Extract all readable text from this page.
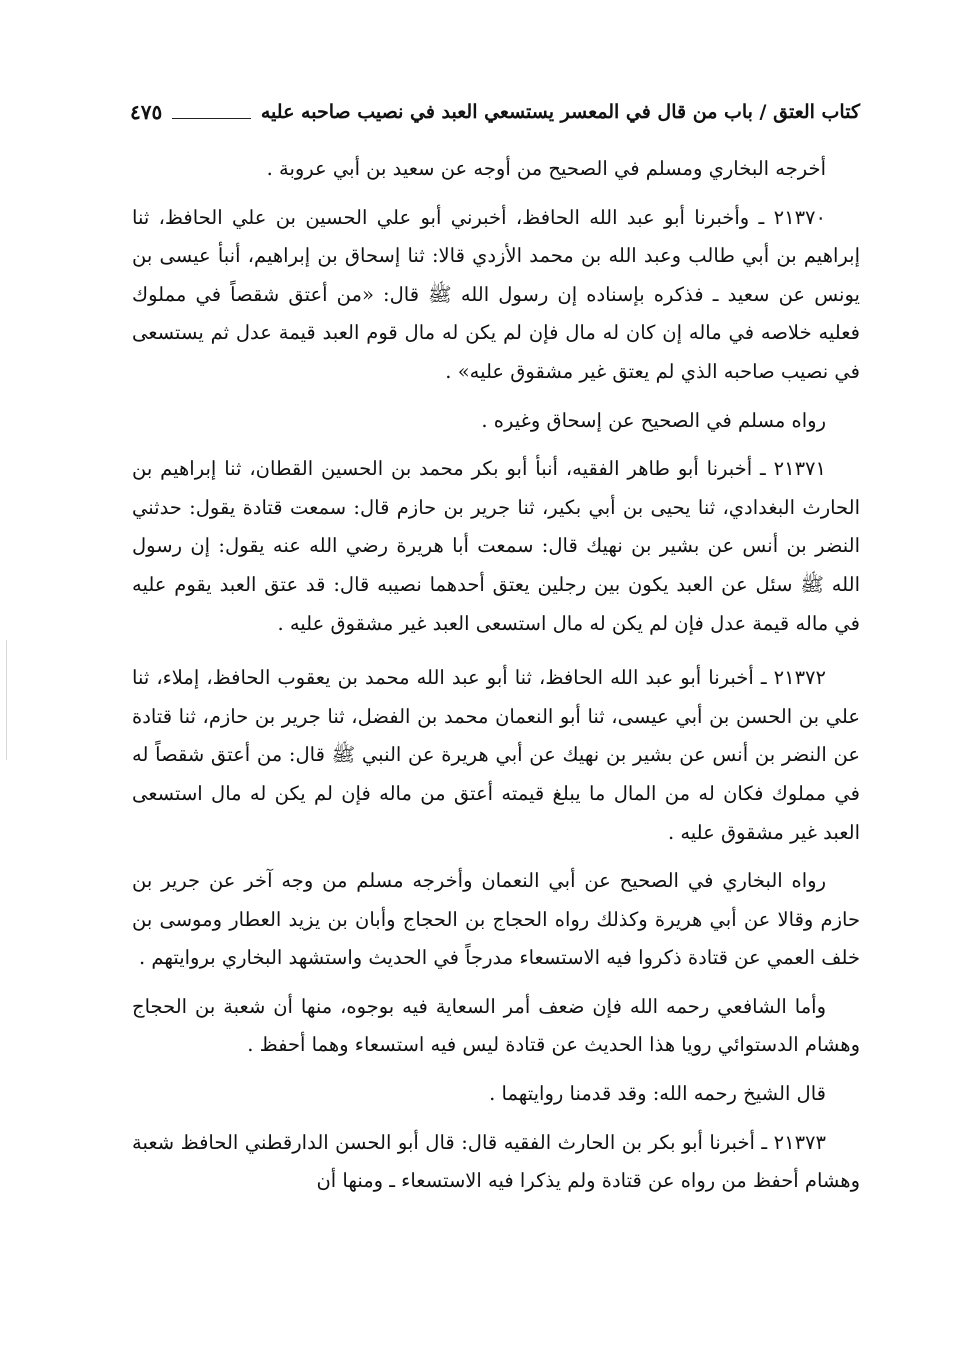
كتاب العتق / باب من قال في المعسر يستسعي العبد في نصيب صاحبه عليه
٤٧٥

أخرجه البخاري ومسلم في الصحيح من أوجه عن سعيد بن أبي عروبة .

٢١٣٧٠ ـ وأخبرنا أبو عبد الله الحافظ، أخبرني أبو علي الحسين بن علي الحافظ، ثنا إبراهيم بن أبي طالب وعبد الله بن محمد الأزدي قالا: ثنا إسحاق بن إبراهيم، أنبأ عيسى بن يونس عن سعيد ـ فذكره بإسناده إن رسول الله ﷺ قال: «من أعتق شقصاً في مملوك فعليه خلاصه في ماله إن كان له مال فإن لم يكن له مال قوم العبد قيمة عدل ثم يستسعى في نصيب صاحبه الذي لم يعتق غير مشقوق عليه» .

رواه مسلم في الصحيح عن إسحاق وغيره .

٢١٣٧١ ـ أخبرنا أبو طاهر الفقيه، أنبأ أبو بكر محمد بن الحسين القطان، ثنا إبراهيم بن الحارث البغدادي، ثنا يحيى بن أبي بكير، ثنا جرير بن حازم قال: سمعت قتادة يقول: حدثني النضر بن أنس عن بشير بن نهيك قال: سمعت أبا هريرة رضي الله عنه يقول: إن رسول الله ﷺ سئل عن العبد يكون بين رجلين يعتق أحدهما نصيبه قال: قد عتق العبد يقوم عليه في ماله قيمة عدل فإن لم يكن له مال استسعى العبد غير مشقوق عليه .

٢١٣٧٢ ـ أخبرنا أبو عبد الله الحافظ، ثنا أبو عبد الله محمد بن يعقوب الحافظ، إملاء، ثنا علي بن الحسن بن أبي عيسى، ثنا أبو النعمان محمد بن الفضل، ثنا جرير بن حازم، ثنا قتادة عن النضر بن أنس عن بشير بن نهيك عن أبي هريرة عن النبي ﷺ قال: من أعتق شقصاً له في مملوك فكان له من المال ما يبلغ قيمته أعتق من ماله فإن لم يكن له مال استسعى العبد غير مشقوق عليه .

رواه البخاري في الصحيح عن أبي النعمان وأخرجه مسلم من وجه آخر عن جرير بن حازم وقالا عن أبي هريرة وكذلك رواه الحجاج بن الحجاج وأبان بن يزيد العطار وموسى بن خلف العمي عن قتادة ذكروا فيه الاستسعاء مدرجاً في الحديث واستشهد البخاري بروايتهم .

وأما الشافعي رحمه الله فإن ضعف أمر السعاية فيه بوجوه، منها أن شعبة بن الحجاج وهشام الدستوائي رويا هذا الحديث عن قتادة ليس فيه استسعاء وهما أحفظ .

قال الشيخ رحمه الله: وقد قدمنا روايتهما .

٢١٣٧٣ ـ أخبرنا أبو بكر بن الحارث الفقيه قال: قال أبو الحسن الدارقطني الحافظ شعبة وهشام أحفظ من رواه عن قتادة ولم يذكرا فيه الاستسعاء ـ ومنها أن
